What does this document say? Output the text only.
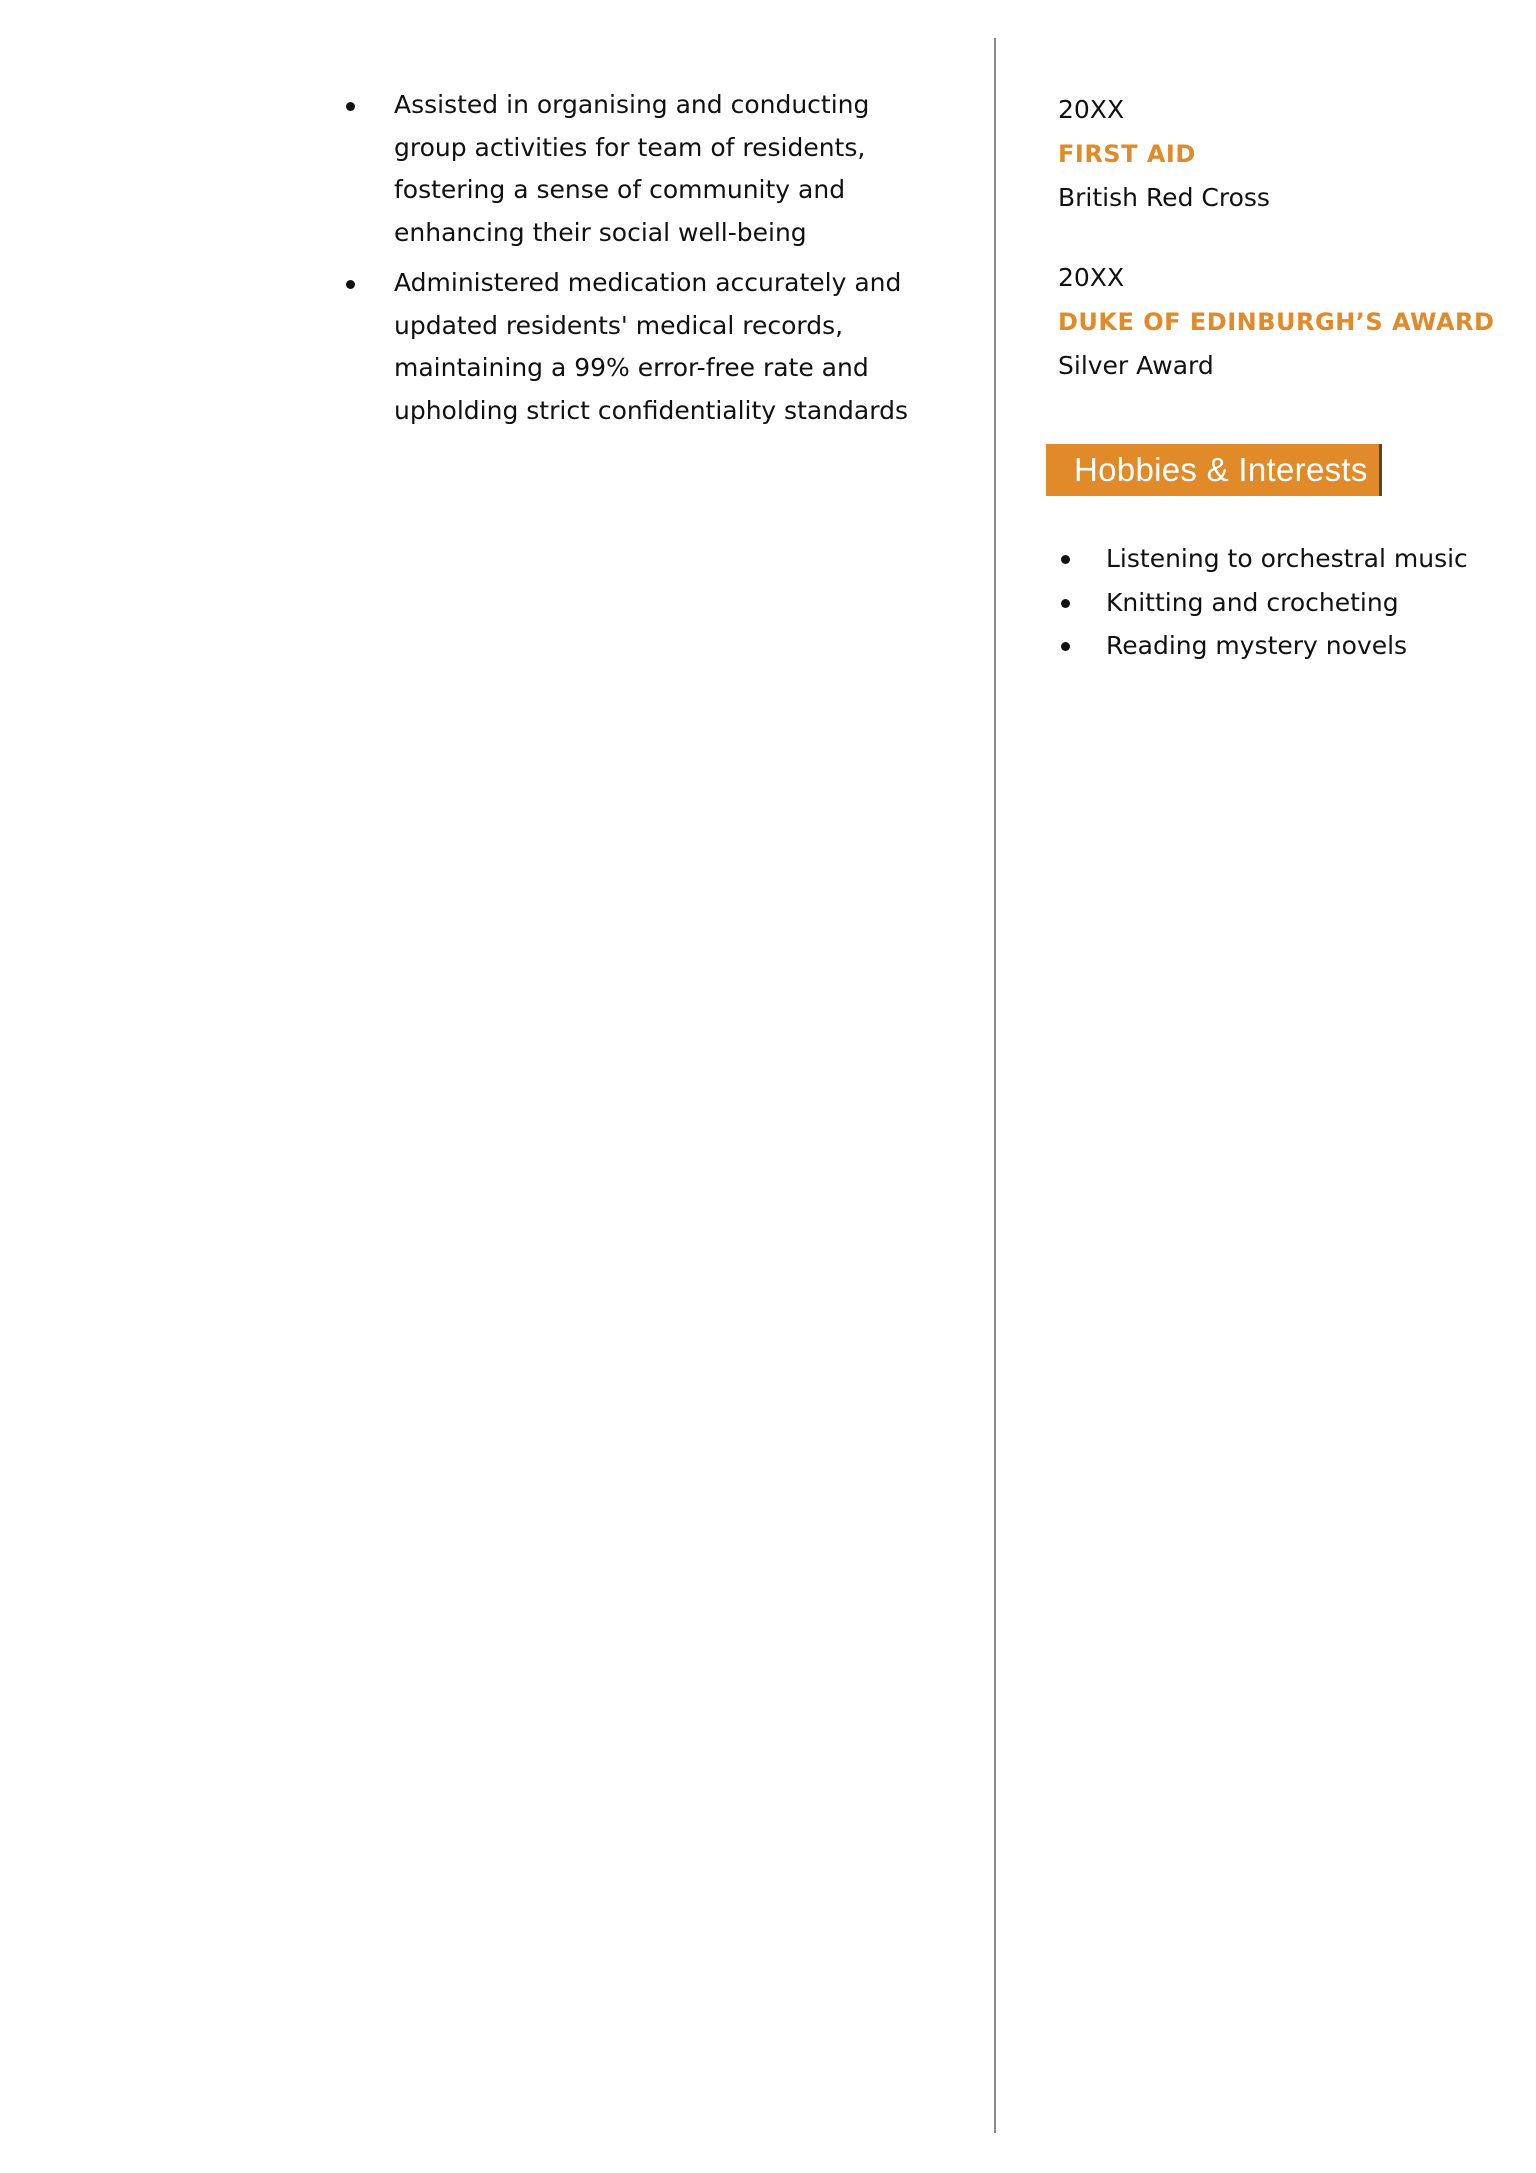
Assisted in organising and conducting group activities for team of residents, fostering a sense of community and enhancing their social well-being
Administered medication accurately and updated residents' medical records, maintaining a 99% error-free rate and upholding strict confidentiality standards
20XX
FIRST AID
British Red Cross
20XX
DUKE OF EDINBURGH’S AWARD
Silver Award
Hobbies & Interests
Listening to orchestral music
Knitting and crocheting
Reading mystery novels
